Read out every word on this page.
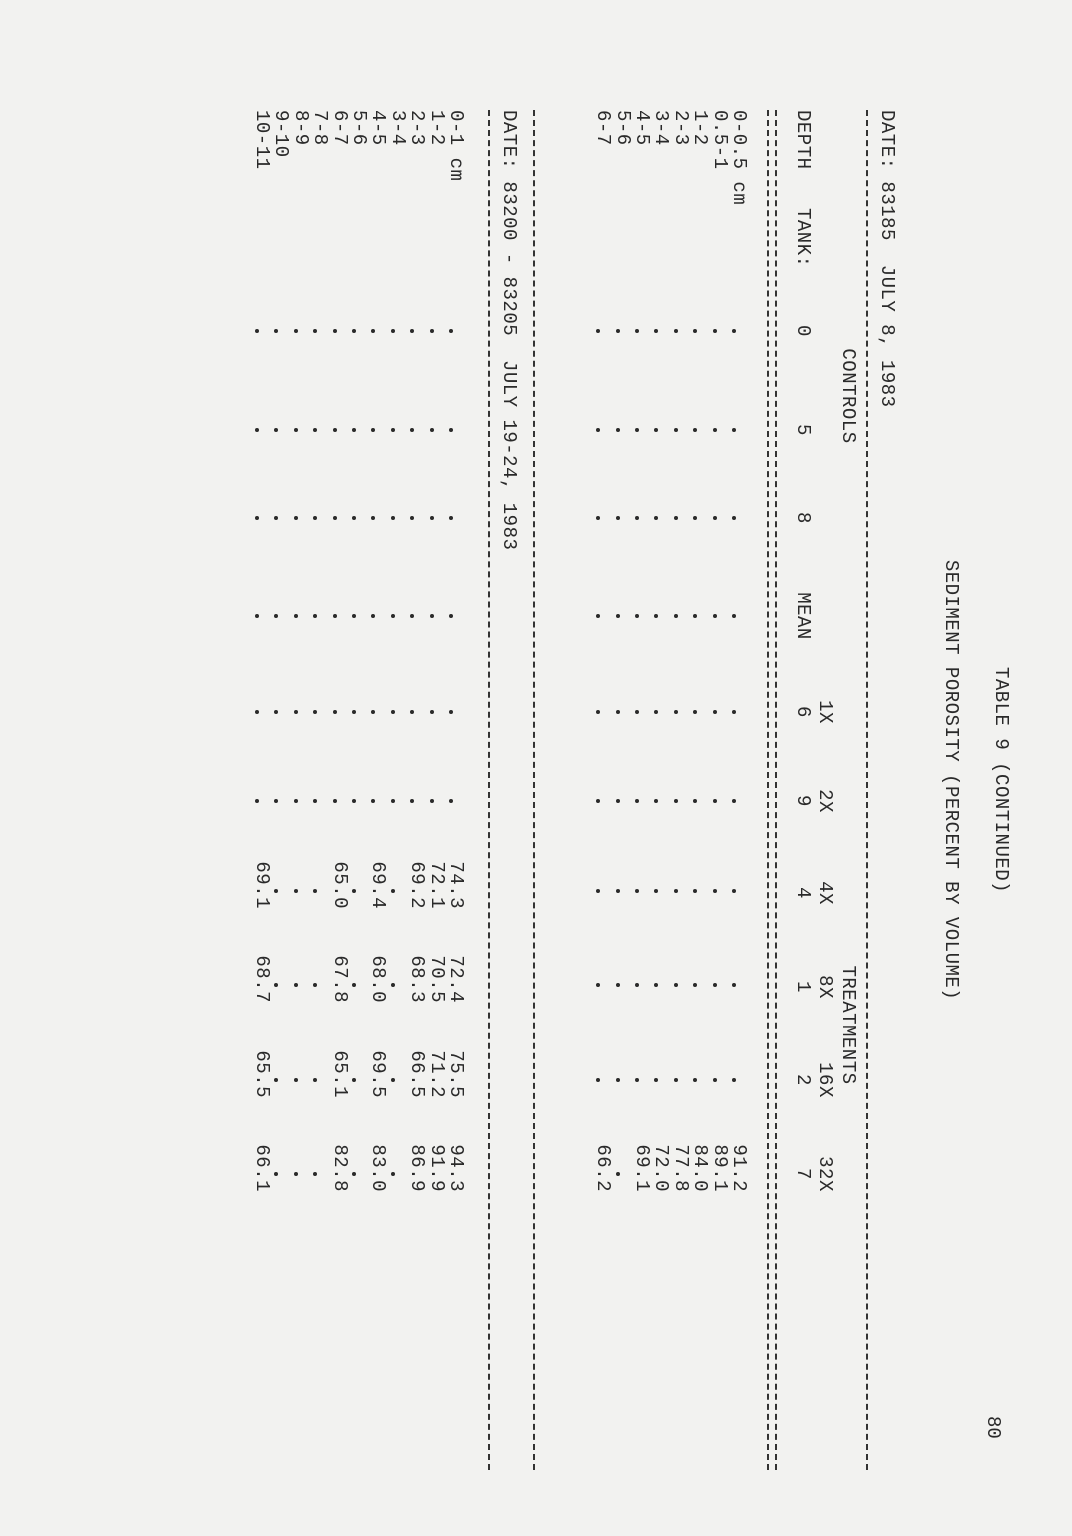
80
TABLE 9 (CONTINUED)
SEDIMENT POROSITY (PERCENT BY VOLUME)
DATE: 83185  JULY 8, 1983
CONTROLS
TREATMENTS
1X
2X
4X
8X
16X
32X
DEPTH
TANK:
0
5
8
MEAN
6
9
4
1
2
7
0-0.5 cm
91.2
0.5-1
89.1
1-2
84.0
2-3
77.8
3-4
72.0
4-5
69.1
5-6
6-7
66.2
DATE: 83200 - 83205  JULY 19-24, 1983
0-1 cm
74.3
72.4
75.5
94.3
1-2
72.1
70.5
71.2
91.9
2-3
69.2
68.3
66.5
86.9
3-4
4-5
69.4
68.0
69.5
83.0
5-6
6-7
65.0
67.8
65.1
82.8
7-8
8-9
9-10
10-11
69.1
68.7
65.5
66.1
